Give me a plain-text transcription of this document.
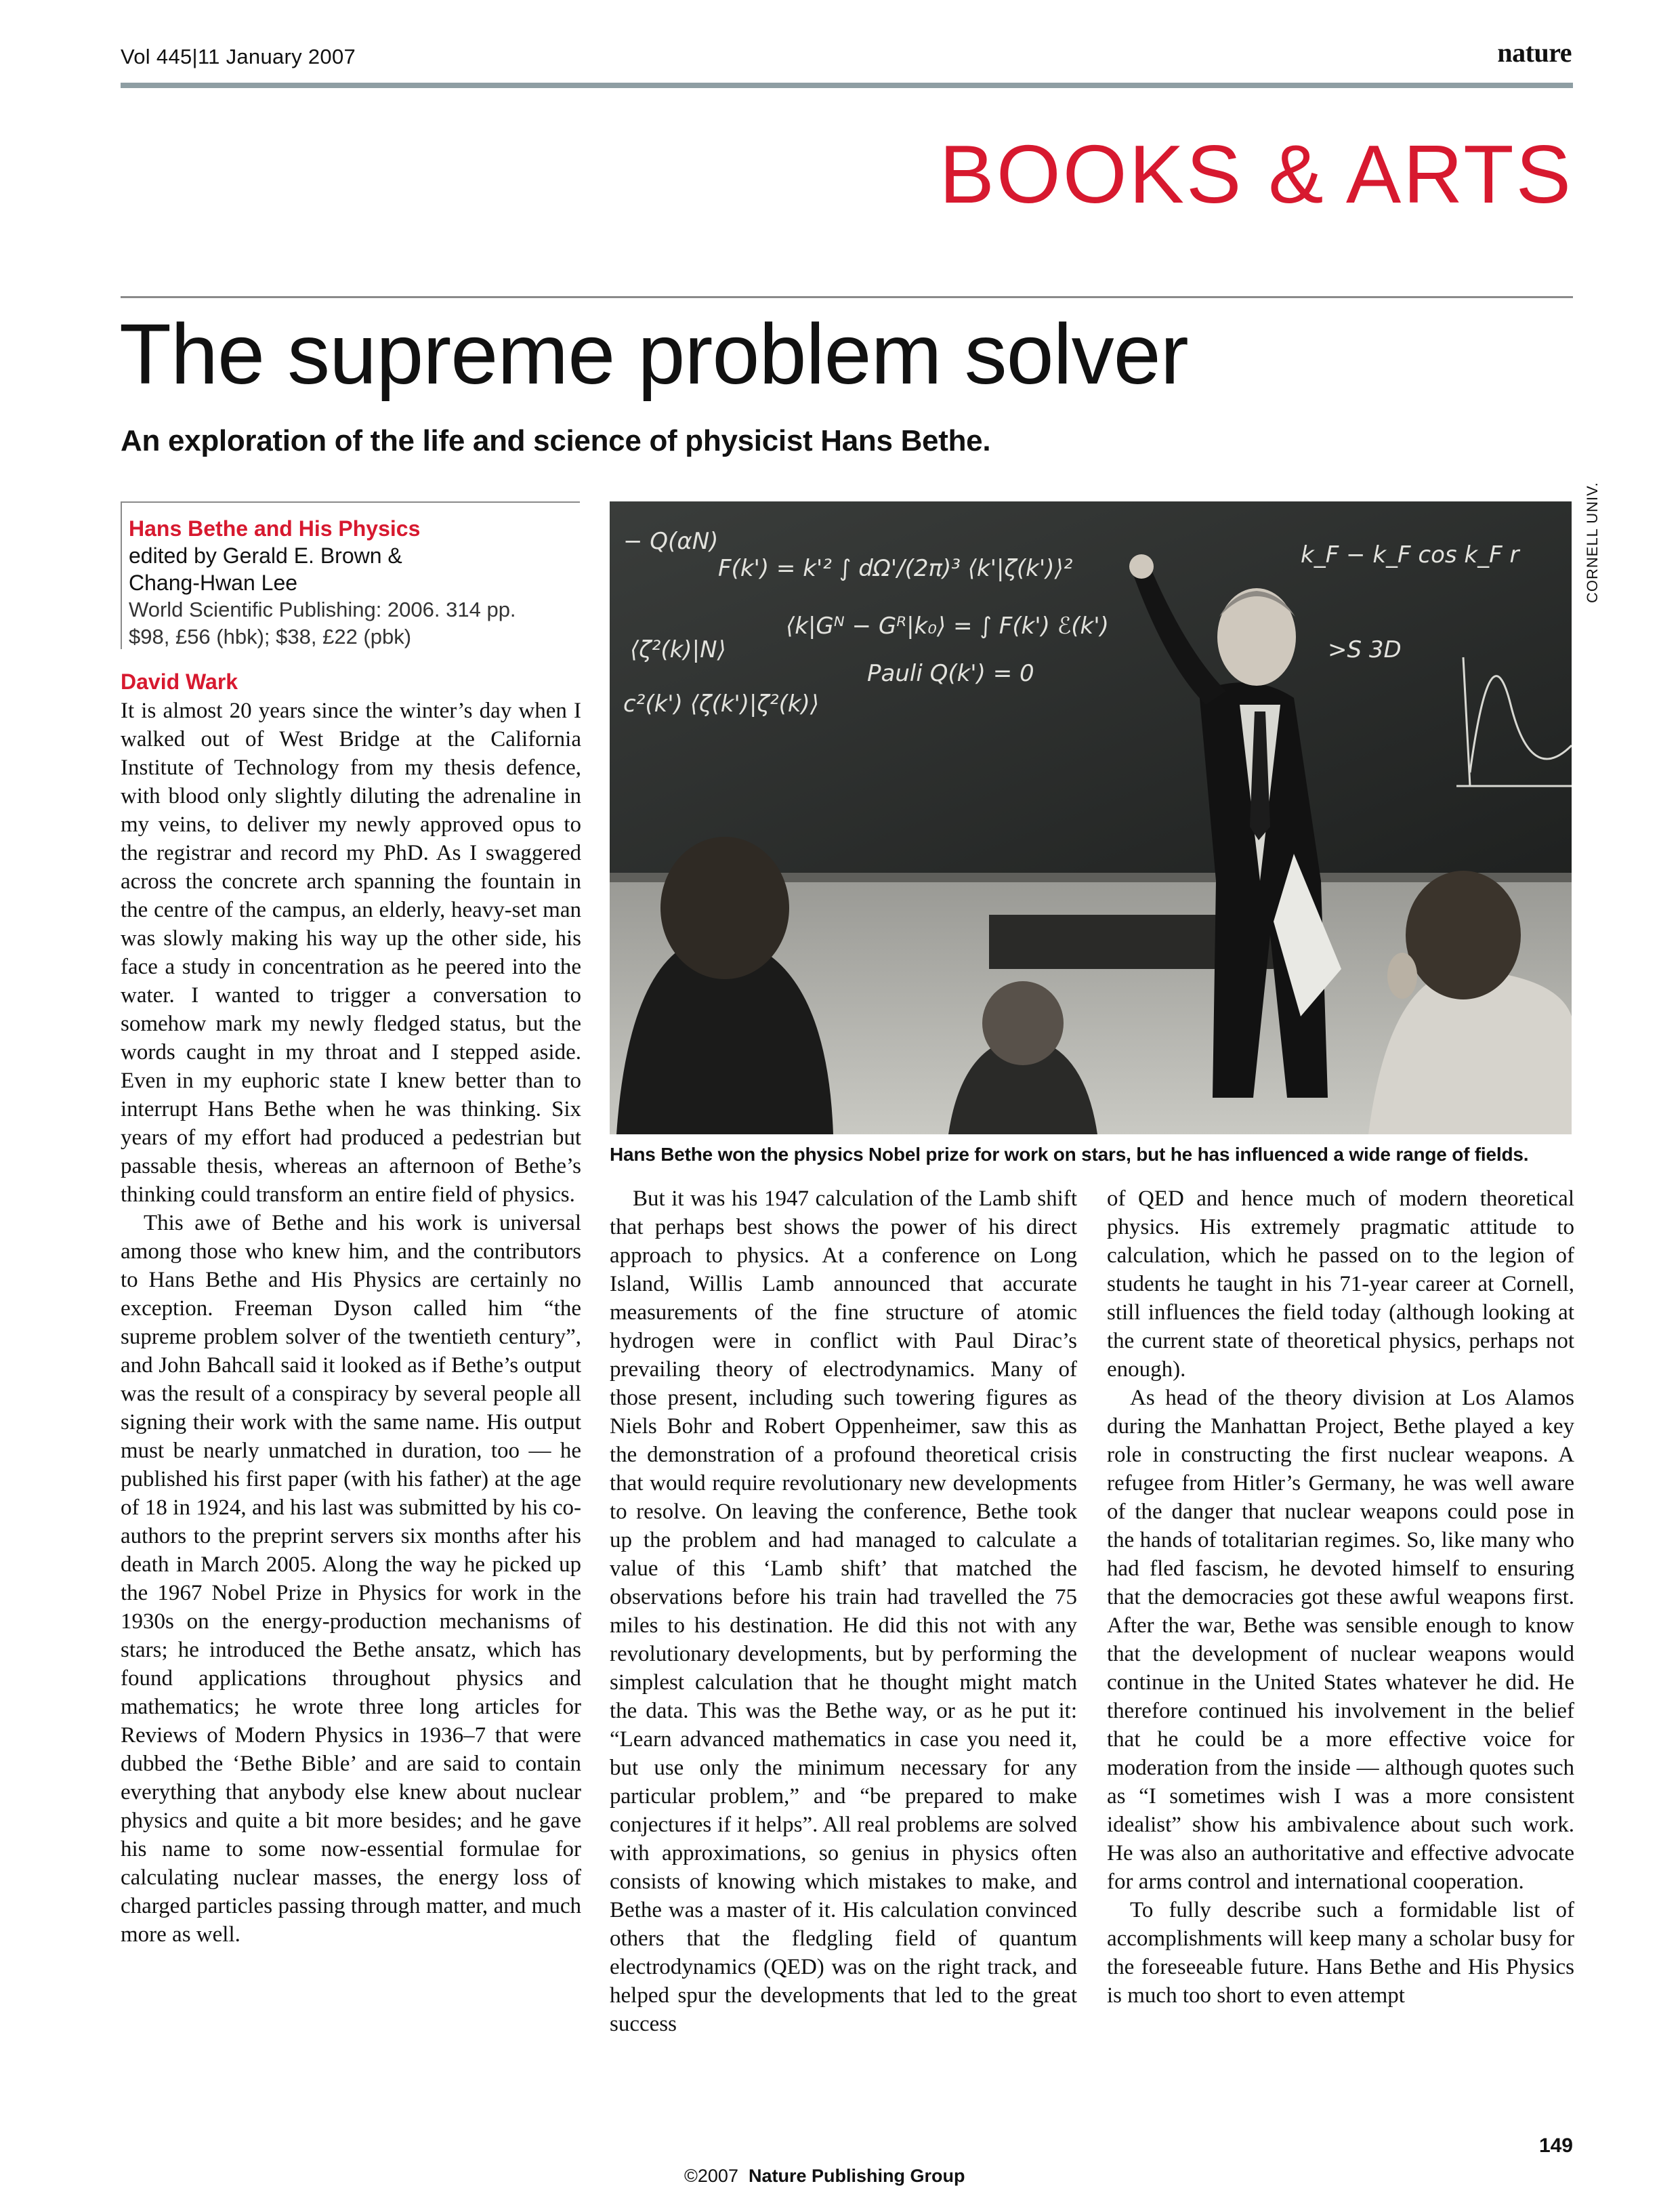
Vol 445|11 January 2007	nature
BOOKS & ARTS
The supreme problem solver
An exploration of the life and science of physicist Hans Bethe.
Hans Bethe and His Physics
edited by Gerald E. Brown &
Chang-Hwan Lee
World Scientific Publishing: 2006. 314 pp.
$98, £56 (hbk); $38, £22 (pbk)
David Wark

It is almost 20 years since the winter’s day when I walked out of West Bridge at the California Institute of Technology from my thesis defence, with blood only slightly diluting the adrenaline in my veins, to deliver my newly approved opus to the registrar and record my PhD. As I swaggered across the concrete arch spanning the fountain in the centre of the campus, an elderly, heavy-set man was slowly making his way up the other side, his face a study in concentration as he peered into the water. I wanted to trigger a conversation to somehow mark my newly fledged status, but the words caught in my throat and I stepped aside. Even in my euphoric state I knew better than to interrupt Hans Bethe when he was thinking. Six years of my effort had produced a pedestrian but passable thesis, whereas an afternoon of Bethe’s thinking could transform an entire field of physics.

This awe of Bethe and his work is universal among those who knew him, and the contributors to Hans Bethe and His Physics are certainly no exception. Freeman Dyson called him “the supreme problem solver of the twentieth century”, and John Bahcall said it looked as if Bethe’s output was the result of a conspiracy by several people all signing their work with the same name. His output must be nearly unmatched in duration, too — he published his first paper (with his father) at the age of 18 in 1924, and his last was submitted by his co-authors to the preprint servers six months after his death in March 2005. Along the way he picked up the 1967 Nobel Prize in Physics for work in the 1930s on the energy-production mechanisms of stars; he introduced the Bethe ansatz, which has found applications throughout physics and mathematics; he wrote three long articles for Reviews of Modern Physics in 1936–7 that were dubbed the ‘Bethe Bible’ and are said to contain everything that anybody else knew about nuclear physics and quite a bit more besides; and he gave his name to some now-essential formulae for calculating nuclear masses, the energy loss of charged particles passing through matter, and much more as well.

− Q(αN)
F(k') = k'² ∫ dΩ'/(2π)³ ⟨k'|ζ(k')⟩²
⟨k|Gᴺ − Gᴿ|k₀⟩ = ∫ F(k') ℰ(k')
⟨ζ²(k)|N⟩
Pauli Q(k') = 0
c²(k') ⟨ζ(k')|ζ²(k)⟩
k_F − k_F cos k_F r
>S 3D
CORNELL UNIV.
Hans Bethe won the physics Nobel prize for work on stars, but he has influenced a wide range of fields.

But it was his 1947 calculation of the Lamb shift that perhaps best shows the power of his direct approach to physics. At a conference on Long Island, Willis Lamb announced that accurate measurements of the fine structure of atomic hydrogen were in conflict with Paul Dirac’s prevailing theory of electrodynamics. Many of those present, including such towering figures as Niels Bohr and Robert Oppenheimer, saw this as the demonstration of a profound theoretical crisis that would require revolutionary new developments to resolve. On leaving the conference, Bethe took up the problem and had managed to calculate a value of this ‘Lamb shift’ that matched the observations before his train had travelled the 75 miles to his destination. He did this not with any revolutionary developments, but by performing the simplest calculation that he thought might match the data. This was the Bethe way, or as he put it: “Learn advanced mathematics in case you need it, but use only the minimum necessary for any particular problem,” and “be prepared to make conjectures if it helps”. All real problems are solved with approximations, so genius in physics often consists of knowing which mistakes to make, and Bethe was a master of it. His calculation convinced others that the fledgling field of quantum electrodynamics (QED) was on the right track, and helped spur the developments that led to the great success

of QED and hence much of modern theoretical physics. His extremely pragmatic attitude to calculation, which he passed on to the legion of students he taught in his 71-year career at Cornell, still influences the field today (although looking at the current state of theoretical physics, perhaps not enough).

As head of the theory division at Los Alamos during the Manhattan Project, Bethe played a key role in constructing the first nuclear weapons. A refugee from Hitler’s Germany, he was well aware of the danger that nuclear weapons could pose in the hands of totalitarian regimes. So, like many who had fled fascism, he devoted himself to ensuring that the democracies got these awful weapons first. After the war, Bethe was sensible enough to know that the development of nuclear weapons would continue in the United States whatever he did. He therefore continued his involvement in the belief that he could be a more effective voice for moderation from the inside — although quotes such as “I sometimes wish I was a more consistent idealist” show his ambivalence about such work. He was also an authoritative and effective advocate for arms control and international cooperation.

To fully describe such a formidable list of accomplishments will keep many a scholar busy for the foreseeable future. Hans Bethe and His Physics is much too short to even attempt

149
©2007 Nature Publishing Group
